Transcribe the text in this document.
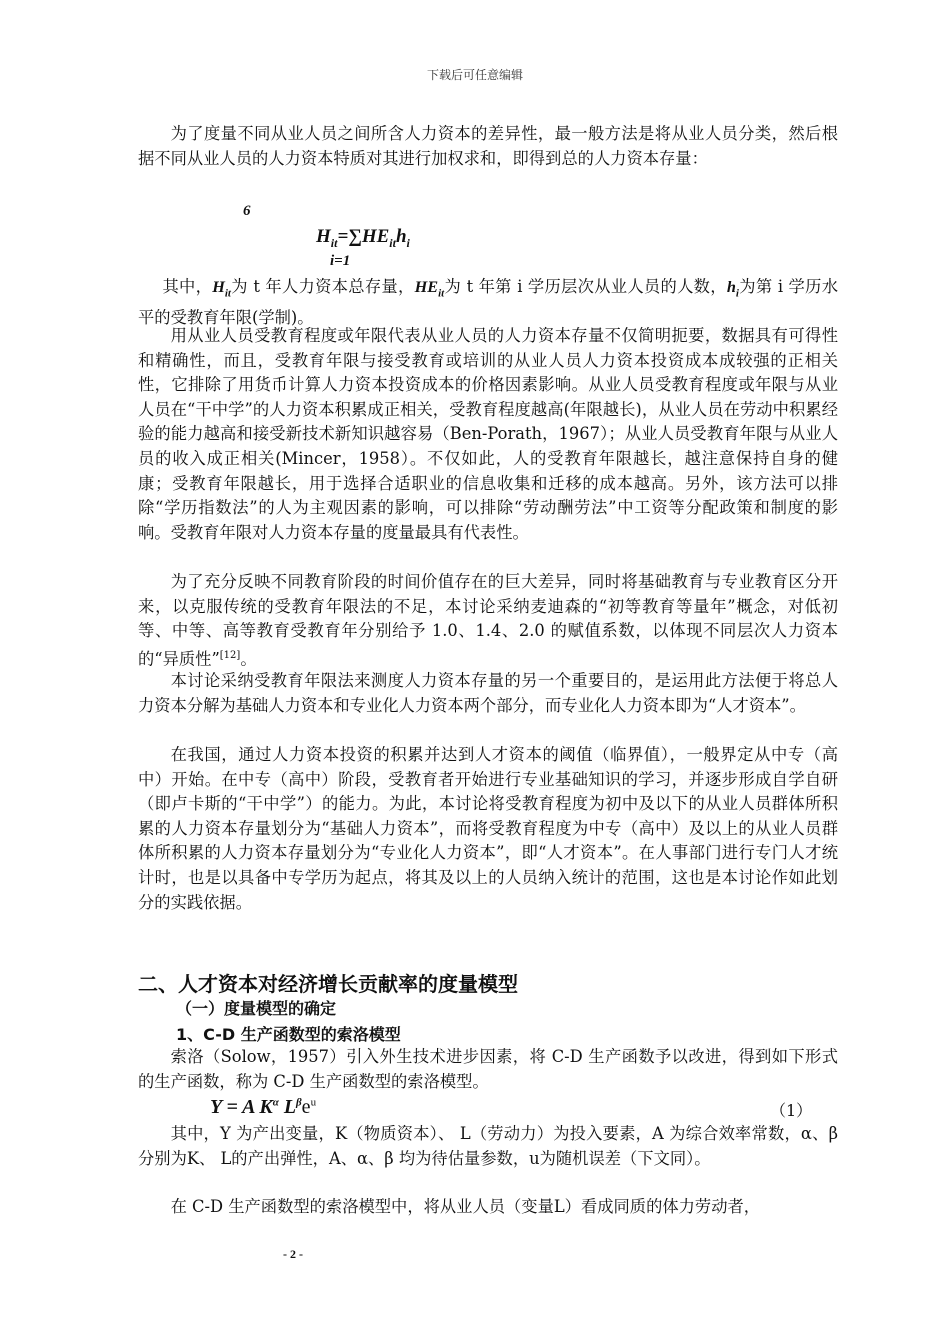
下载后可任意编辑

为了度量不同从业人员之间所含人力资本的差异性，最一般方法是将从业人员分类，然后根据不同从业人员的人力资本特质对其进行加权求和，即得到总的人力资本存量：

6
$H_{it}=\sum HE_{it}h_i$
i=1

其中，$H_{it}$为 t 年人力资本总存量，$HE_{it}$为 t 年第 i 学历层次从业人员的人数，$h_i$为第 i 学历水平的受教育年限(学制)。

用从业人员受教育程度或年限代表从业人员的人力资本存量不仅简明扼要，数据具有可得性和精确性，而且，受教育年限与接受教育或培训的从业人员人力资本投资成本成较强的正相关性，它排除了用货币计算人力资本投资成本的价格因素影响。从业人员受教育程度或年限与从业人员在“干中学”的人力资本积累成正相关，受教育程度越高(年限越长)，从业人员在劳动中积累经验的能力越高和接受新技术新知识越容易（Ben-Porath，1967）；从业人员受教育年限与从业人员的收入成正相关(Mincer，1958）。不仅如此，人的受教育年限越长，越注意保持自身的健康；受教育年限越长，用于选择合适职业的信息收集和迁移的成本越高。另外，该方法可以排除“学历指数法”的人为主观因素的影响，可以排除“劳动酬劳法”中工资等分配政策和制度的影响。受教育年限对人力资本存量的度量最具有代表性。

为了充分反映不同教育阶段的时间价值存在的巨大差异，同时将基础教育与专业教育区分开来，以克服传统的受教育年限法的不足，本讨论采纳麦迪森的“初等教育等量年”概念，对低初等、中等、高等教育受教育年分别给予 1.0、1.4、2.0 的赋值系数，以体现不同层次人力资本的“异质性”[12]。

本讨论采纳受教育年限法来测度人力资本存量的另一个重要目的，是运用此方法便于将总人力资本分解为基础人力资本和专业化人力资本两个部分，而专业化人力资本即为“人才资本”。

在我国，通过人力资本投资的积累并达到人才资本的阈值（临界值），一般界定从中专（高中）开始。在中专（高中）阶段，受教育者开始进行专业基础知识的学习，并逐步形成自学自研（即卢卡斯的“干中学”）的能力。为此，本讨论将受教育程度为初中及以下的从业人员群体所积累的人力资本存量划分为“基础人力资本”，而将受教育程度为中专（高中）及以上的从业人员群体所积累的人力资本存量划分为“专业化人力资本”，即“人才资本”。在人事部门进行专门人才统计时，也是以具备中专学历为起点，将其及以上的人员纳入统计的范围，这也是本讨论作如此划分的实践依据。

二、人才资本对经济增长贡献率的度量模型
（一）度量模型的确定
1、C-D 生产函数型的索洛模型

索洛（Solow，1957）引入外生技术进步因素，将 C-D 生产函数予以改进，得到如下形式的生产函数，称为 C-D 生产函数型的索洛模型。

Y = A $K^\alpha$ $L^\beta e^u$	（1）

其中，Y 为产出变量，K（物质资本）、 L（劳动力）为投入要素，A 为综合效率常数，α、β 分别为K、 L的产出弹性，A、α、β 均为待估量参数，u为随机误差（下文同）。

在 C-D 生产函数型的索洛模型中，将从业人员（变量L）看成同质的体力劳动者，

- 2 -
